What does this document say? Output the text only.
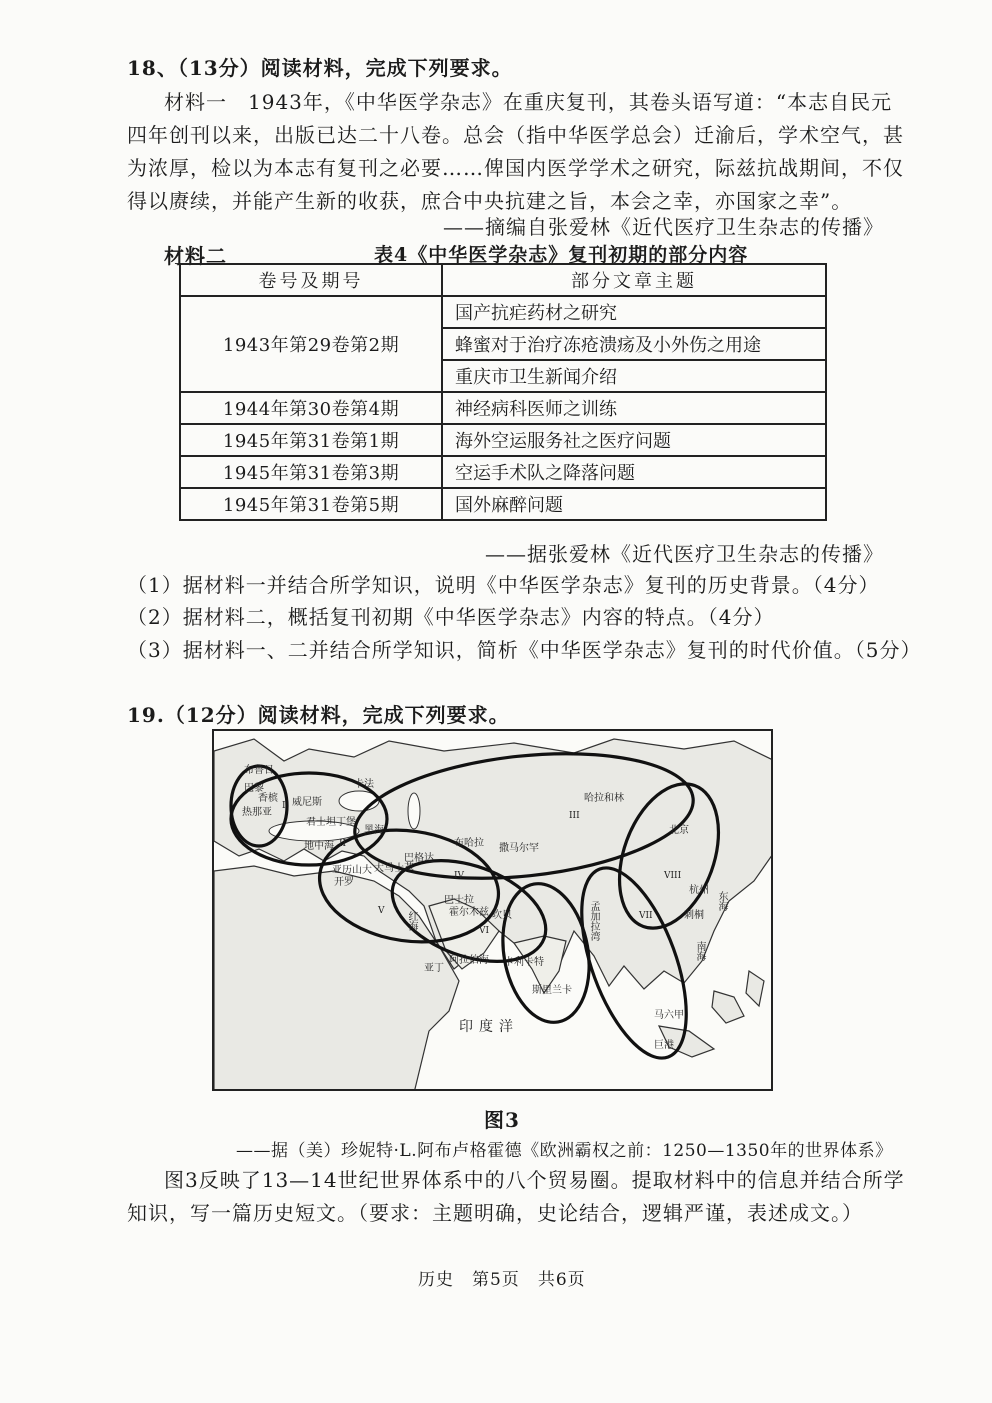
18、（13分）阅读材料，完成下列要求。
材料一　1943年，《中华医学杂志》在重庆复刊，其卷头语写道：“本志自民元
四年创刊以来，出版已达二十八卷。总会（指中华医学总会）迁渝后，学术空气，甚
为浓厚，检以为本志有复刊之必要……俾国内医学学术之研究，际兹抗战期间，不仅
得以赓续，并能产生新的收获，庶合中央抗建之旨，本会之幸，亦国家之幸”。
——摘编自张爱林《近代医疗卫生杂志的传播》
材料二	表4《中华医学杂志》复刊初期的部分内容
卷号及期号	部分文章主题
1943年第29卷第2期	国产抗疟药材之研究
	蜂蜜对于治疗冻疮溃疡及小外伤之用途
	重庆市卫生新闻介绍
1944年第30卷第4期	神经病科医师之训练
1945年第31卷第1期	海外空运服务社之医疗问题
1945年第31卷第3期	空运手术队之降落问题
1945年第31卷第5期	国外麻醉问题
——据张爱林《近代医疗卫生杂志的传播》
（1）据材料一并结合所学知识，说明《中华医学杂志》复刊的历史背景。（4分）
（2）据材料二，概括复刊初期《中华医学杂志》内容的特点。（4分）
（3）据材料一、二并结合所学知识，简析《中华医学杂志》复刊的时代价值。（5分）
19.（12分）阅读材料，完成下列要求。
布鲁日
巴黎
香槟
热那亚
威尼斯
卡法
君士坦丁堡
黑海
地中海
亚历山大
开罗
大马士革
巴格达
布哈拉 撒马尔罕
哈拉和林
北京
杭州
刺桐
东海
南海
霍尔木兹
巴士拉
坎贝
卡利卡特
亚丁
阿拉伯海
孟加拉湾
红海
斯里兰卡
马六甲
巨港
印度洋
I
II
III
IV
V
VI
VII
VIII
图3
——据（美）珍妮特·L.阿布卢格霍德《欧洲霸权之前：1250—1350年的世界体系》
图3反映了13—14世纪世界体系中的八个贸易圈。提取材料中的信息并结合所学
知识，写一篇历史短文。（要求：主题明确，史论结合，逻辑严谨，表述成文。）
历史　第5页　共6页
